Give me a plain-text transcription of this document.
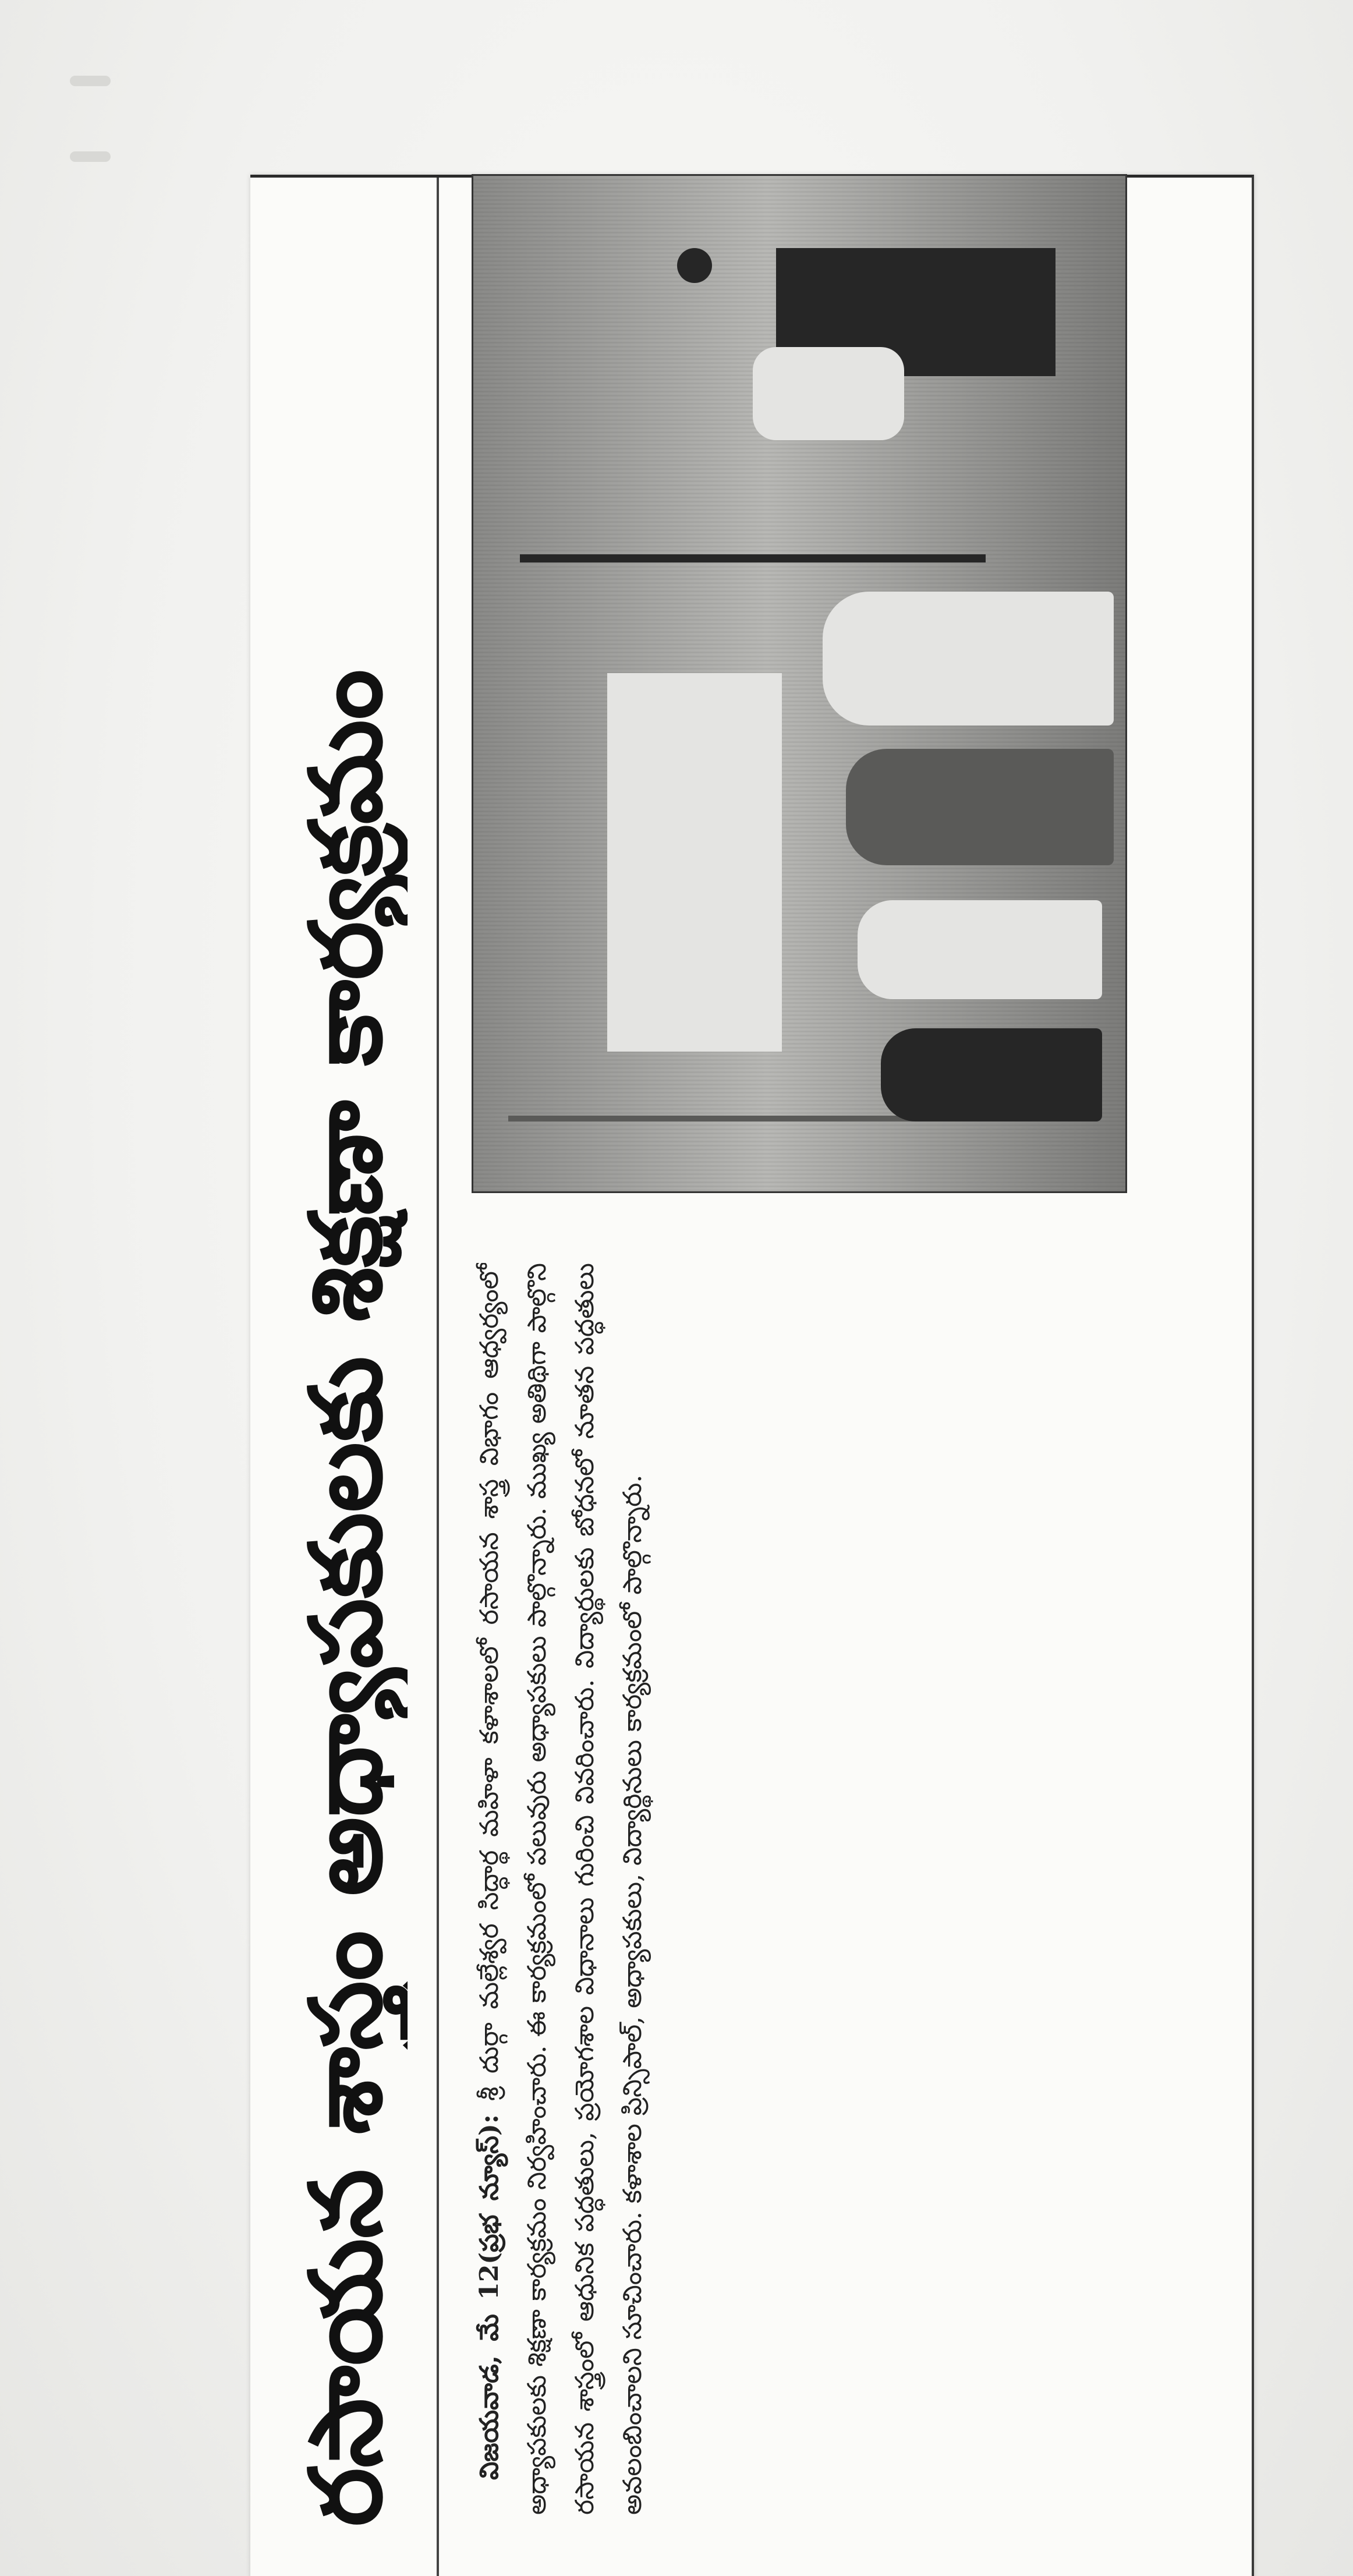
రసాయన శాస్త్రం అధ్యాపకులకు శిక్షణా కార్యక్రమం	విజయవాడ, మే 12(ప్రభ న్యూస్): శ్రీ దుర్గా మల్లేశ్వర సిద్ధార్థ మహిళా కళాశాలలో రసాయన శాస్త్ర విభాగం ఆధ్వర్యంలో అధ్యాపకులకు శిక్షణా కార్యక్రమం నిర్వహించారు. ఈ కార్యక్రమంలో పలువురు అధ్యాపకులు పాల్గొన్నారు. ముఖ్య అతిథిగా పాల్గొని రసాయన శాస్త్రంలో ఆధునిక పద్ధతులు, ప్రయోగశాల విధానాలు గురించి వివరించారు. విద్యార్థులకు బోధనలో నూతన పద్ధతులు అవలంబించాలని సూచించారు. కళాశాల ప్రిన్సిపాల్, అధ్యాపకులు, విద్యార్థినులు కార్యక్రమంలో పాల్గొన్నారు.
